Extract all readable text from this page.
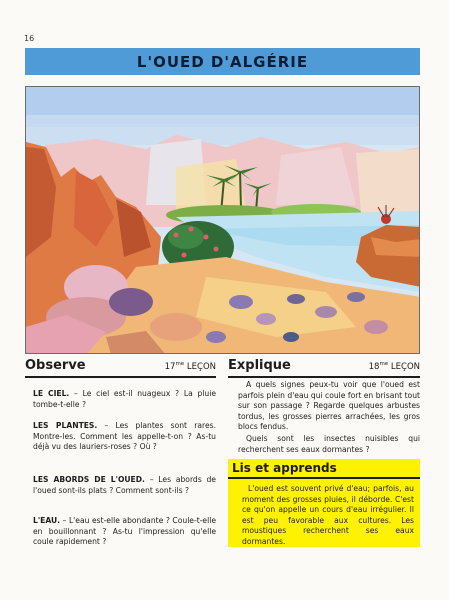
16
L'OUED D'ALGÉRIE
Observe	$17^{me}$ LEÇON

LE CIEL. – Le ciel est-il nuageux ? La pluie tombe-t-elle ?

LES PLANTES. – Les plantes sont rares. Montre-les. Comment les appelle-t-on ? As-tu déjà vu des lauriers-roses ? Où ?

LES ABORDS DE L'OUED. – Les abords de l'oued sont-ils plats ? Comment sont-ils ?

L'EAU. – L'eau est-elle abondante ? Coule-t-elle en bouillonnant ? As-tu l'impression qu'elle coule rapidement ?

Explique	$18^{me}$ LEÇON

A quels signes peux-tu voir que l'oued est parfois plein d'eau qui coule fort en brisant tout sur son passage ? Regarde quelques arbustes tordus, les grosses pierres arrachées, les gros blocs fendus.

Quels sont les insectes nuisibles qui recherchent ses eaux dormantes ?

Lis et apprends

L'oued est souvent privé d'eau; parfois, au moment des grosses pluies, il déborde. C'est ce qu'on appelle un cours d'eau irrégulier. Il est peu favorable aux cultures. Les moustiques recherchent ses eaux dormantes.
